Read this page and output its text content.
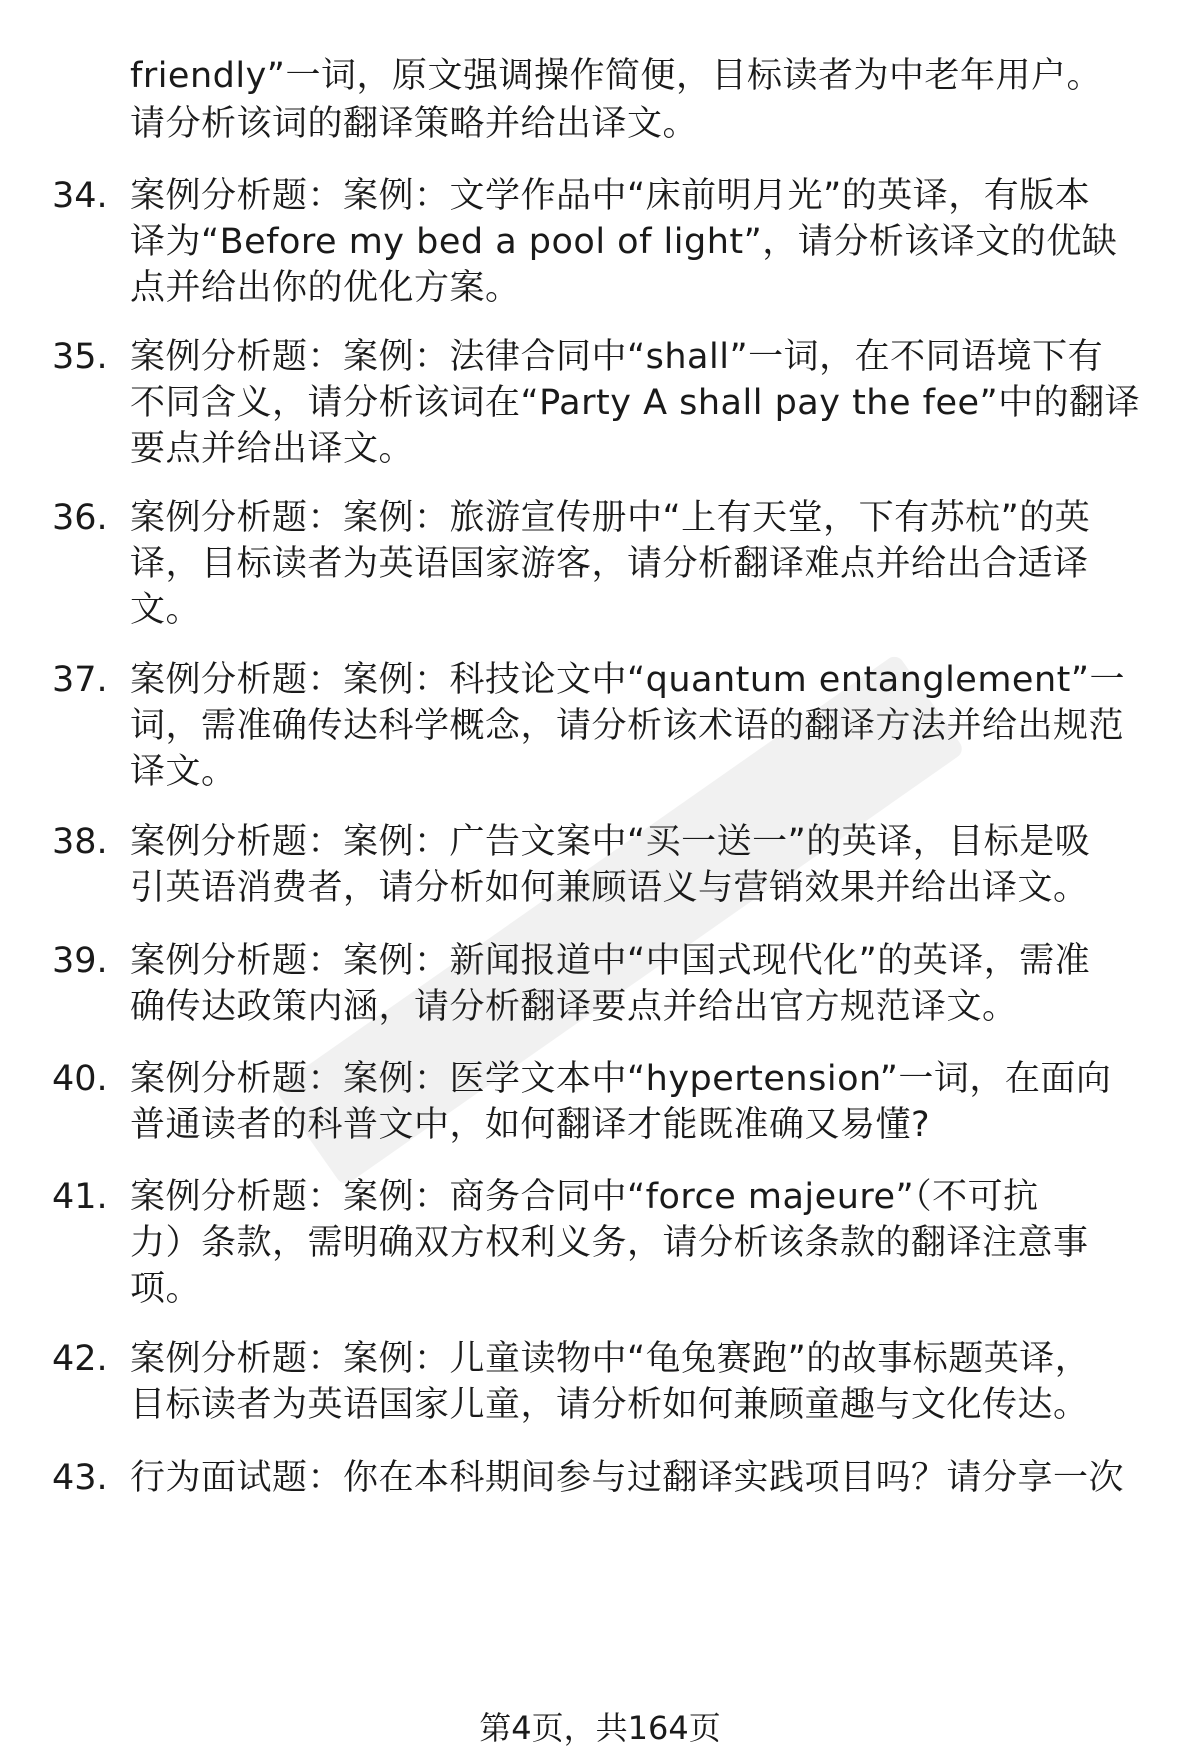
friendly”一词，原文强调操作简便，目标读者为中老年用户。
请分析该词的翻译策略并给出译文。
34. 案例分析题：案例：文学作品中“床前明月光”的英译，有版本
译为“Before my bed a pool of light”，请分析该译文的优缺
点并给出你的优化方案。
35. 案例分析题：案例：法律合同中“shall”一词，在不同语境下有
不同含义，请分析该词在“Party A shall pay the fee”中的翻译
要点并给出译文。
36. 案例分析题：案例：旅游宣传册中“上有天堂，下有苏杭”的英
译，目标读者为英语国家游客，请分析翻译难点并给出合适译
文。
37. 案例分析题：案例：科技论文中“quantum entanglement”一
词，需准确传达科学概念，请分析该术语的翻译方法并给出规范
译文。
38. 案例分析题：案例：广告文案中“买一送一”的英译，目标是吸
引英语消费者，请分析如何兼顾语义与营销效果并给出译文。
39. 案例分析题：案例：新闻报道中“中国式现代化”的英译，需准
确传达政策内涵，请分析翻译要点并给出官方规范译文。
40. 案例分析题：案例：医学文本中“hypertension”一词，在面向
普通读者的科普文中，如何翻译才能既准确又易懂?
41. 案例分析题：案例：商务合同中“force majeure”（不可抗
力）条款，需明确双方权利义务，请分析该条款的翻译注意事
项。
42. 案例分析题：案例：儿童读物中“龟兔赛跑”的故事标题英译，
目标读者为英语国家儿童，请分析如何兼顾童趣与文化传达。
43. 行为面试题：你在本科期间参与过翻译实践项目吗？请分享一次
第4页，共164页
